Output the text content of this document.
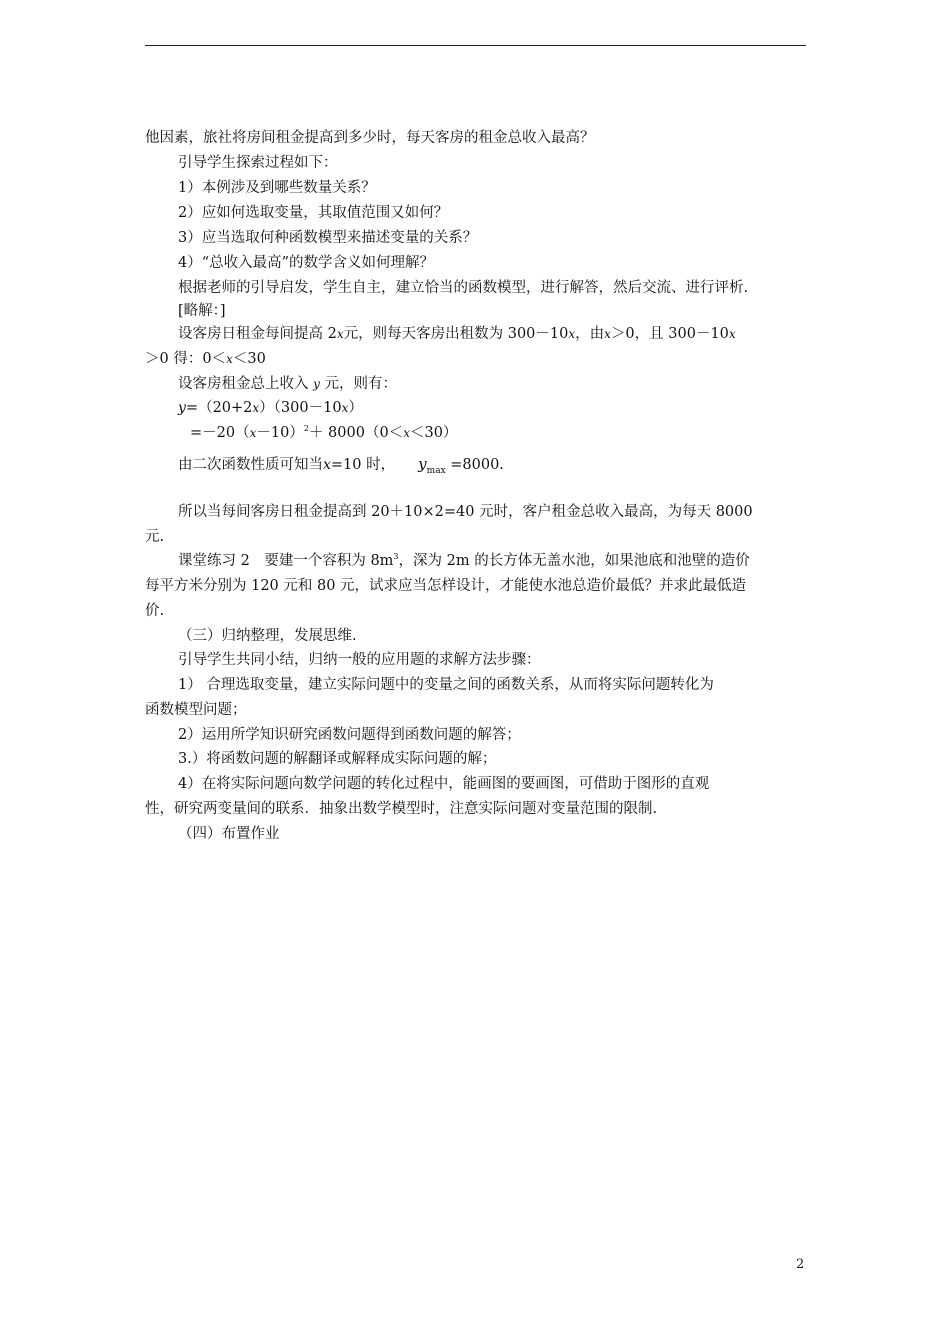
他因素，旅社将房间租金提高到多少时，每天客房的租金总收入最高？
引导学生探索过程如下：
1）本例涉及到哪些数量关系？
2）应如何选取变量，其取值范围又如何？
3）应当选取何种函数模型来描述变量的关系？
4）“总收入最高”的数学含义如何理解？
根据老师的引导启发，学生自主，建立恰当的函数模型，进行解答，然后交流、进行评析.
[略解：]
设客房日租金每间提高 2x元，则每天客房出租数为 300－10x，由x＞0，且 300－10x
＞0 得：0＜x＜30
设客房租金总上收入 y 元，则有：
y=（20+2x）（300－10x）
$=-20(x-10)^2+ 8000(0<x<30)$
由二次函数性质可知当x=10 时， $y_{max} =8000$.
所以当每间客房日租金提高到 20＋10×2=40 元时，客户租金总收入最高，为每天 8000
元.
课堂练习 2　要建一个容积为 $8m^3$，深为 2m 的长方体无盖水池，如果池底和池壁的造价
每平方米分别为 120 元和 80 元，试求应当怎样设计，才能使水池总造价最低？并求此最低造
价.
（三）归纳整理，发展思维.
引导学生共同小结，归纳一般的应用题的求解方法步骤：
1） 合理选取变量，建立实际问题中的变量之间的函数关系，从而将实际问题转化为
函数模型问题；
2）运用所学知识研究函数问题得到函数问题的解答；
3.）将函数问题的解翻译或解释成实际问题的解；
4）在将实际问题向数学问题的转化过程中，能画图的要画图，可借助于图形的直观
性，研究两变量间的联系．抽象出数学模型时，注意实际问题对变量范围的限制.
（四）布置作业
2
